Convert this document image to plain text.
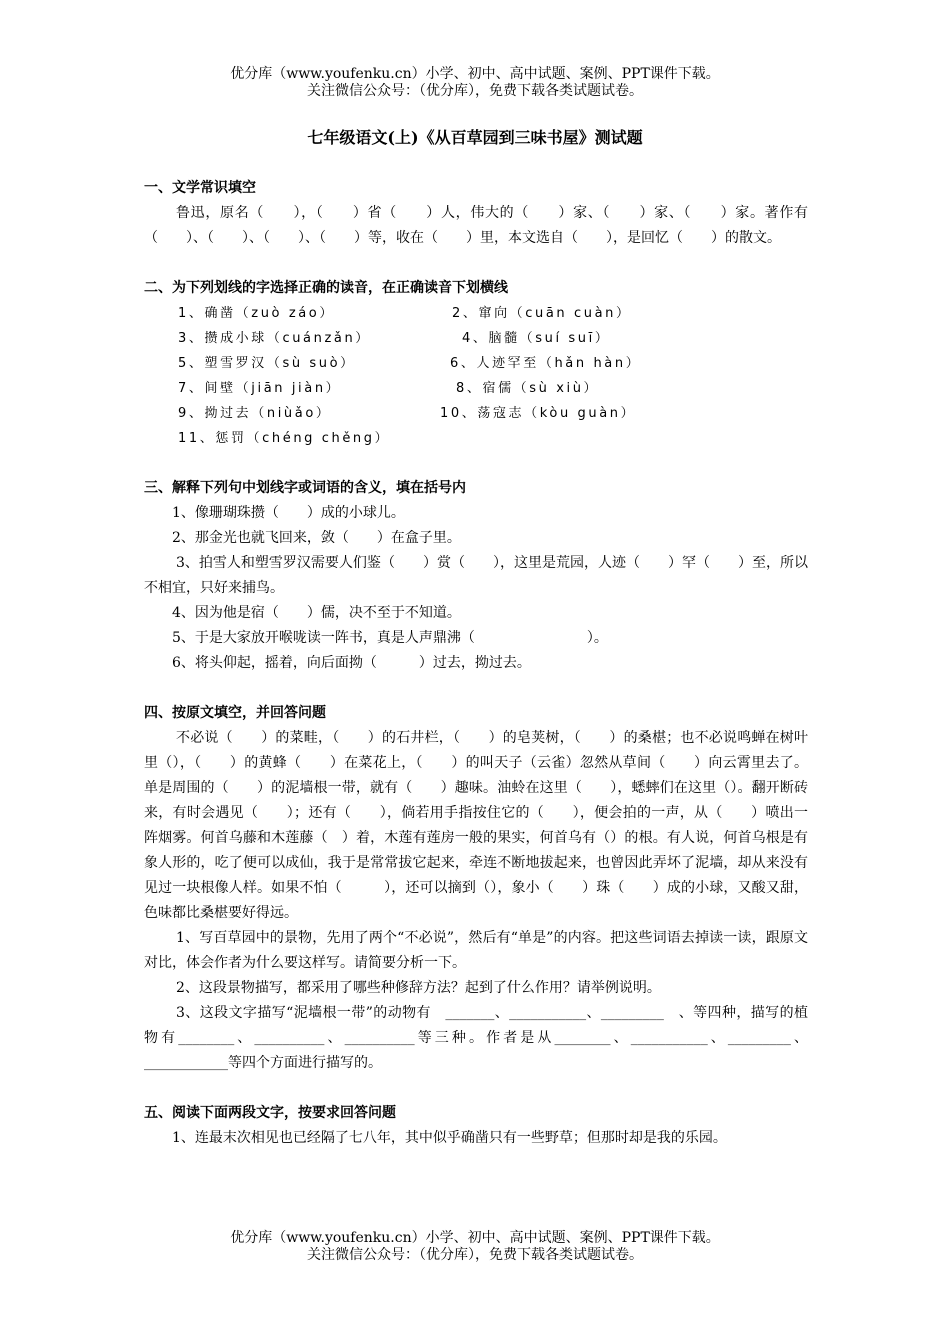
优分库（www.youfenku.cn）小学、初中、高中试题、案例、PPT课件下载。
关注微信公众号：（优分库），免费下载各类试题试卷。
七年级语文(上)《从百草园到三味书屋》测试题

一、文学常识填空

鲁迅，原名（　　），（　　）省（　　）人，伟大的（　　）家、（　　）家、（　　）家。著作有（　　）、（　　）、（　　）、（　　）等，收在（　　）里，本文选自（　　），是回忆（　　）的散文。

二、为下列划线的字选择正确的读音，在正确读音下划横线

1、确凿（zuò záo）	2、窜向（cuān cuàn）
3、攒成小球（cuánzǎn）	4、脑髓（suí suī）
5、塑雪罗汉（sù suò）	6、人迹罕至（hǎn hàn）
7、间壁（jiān jiàn）	8、宿儒（sù xiù）
9、拗过去（niùǎo）	10、荡寇志（kòu guàn）
11、惩罚（chéng chěng）

三、解释下列句中划线字或词语的含义，填在括号内

1、像珊瑚珠攒（　　）成的小球儿。

2、那金光也就飞回来，敛（　　）在盒子里。

3、拍雪人和塑雪罗汉需要人们鉴（　　）赏（　　），这里是荒园，人迹（　　）罕（　　）至，所以不相宜，只好来捕鸟。

4、因为他是宿（　　）儒，决不至于不知道。

5、于是大家放开喉咙读一阵书，真是人声鼎沸（　　　　　　　　）。

6、将头仰起，摇着，向后面拗（　　　）过去，拗过去。

四、按原文填空，并回答问题

不必说（　　）的菜畦，（　　）的石井栏，（　　）的皂荚树，（　　）的桑椹；也不必说鸣蝉在树叶里（），（　　）的黄蜂（　　）在菜花上，（　　）的叫天子（云雀）忽然从草间（　　）向云霄里去了。单是周围的（　　）的泥墙根一带，就有（　　）趣味。油蛉在这里（　　），蟋蟀们在这里（）。翻开断砖来，有时会遇见（　　）；还有（　　），倘若用手指按住它的（　　），便会拍的一声，从（　　）喷出一阵烟雾。何首乌藤和木莲藤（　）着，木莲有莲房一般的果实，何首乌有（）的根。有人说，何首乌根是有象人形的，吃了便可以成仙，我于是常常拔它起来，牵连不断地拔起来，也曾因此弄坏了泥墙，却从来没有见过一块根像人样。如果不怕（　　　），还可以摘到（），象小（　　）珠（　　）成的小球，又酸又甜，色味都比桑椹要好得远。

1、写百草园中的景物，先用了两个“不必说”，然后有“单是”的内容。把这些词语去掉读一读，跟原文对比，体会作者为什么要这样写。请简要分析一下。

2、这段景物描写，都采用了哪些种修辞方法？起到了什么作用？请举例说明。

3、这段文字描写“泥墙根一带”的动物有　_______、___________、_________　、等四种，描写的植物有________、__________、__________等三种。作者是从________、___________、_________、____________等四个方面进行描写的。

五、阅读下面两段文字，按要求回答问题

1、连最末次相见也已经隔了七八年，其中似乎确凿只有一些野草；但那时却是我的乐园。

优分库（www.youfenku.cn）小学、初中、高中试题、案例、PPT课件下载。
关注微信公众号：（优分库），免费下载各类试题试卷。
